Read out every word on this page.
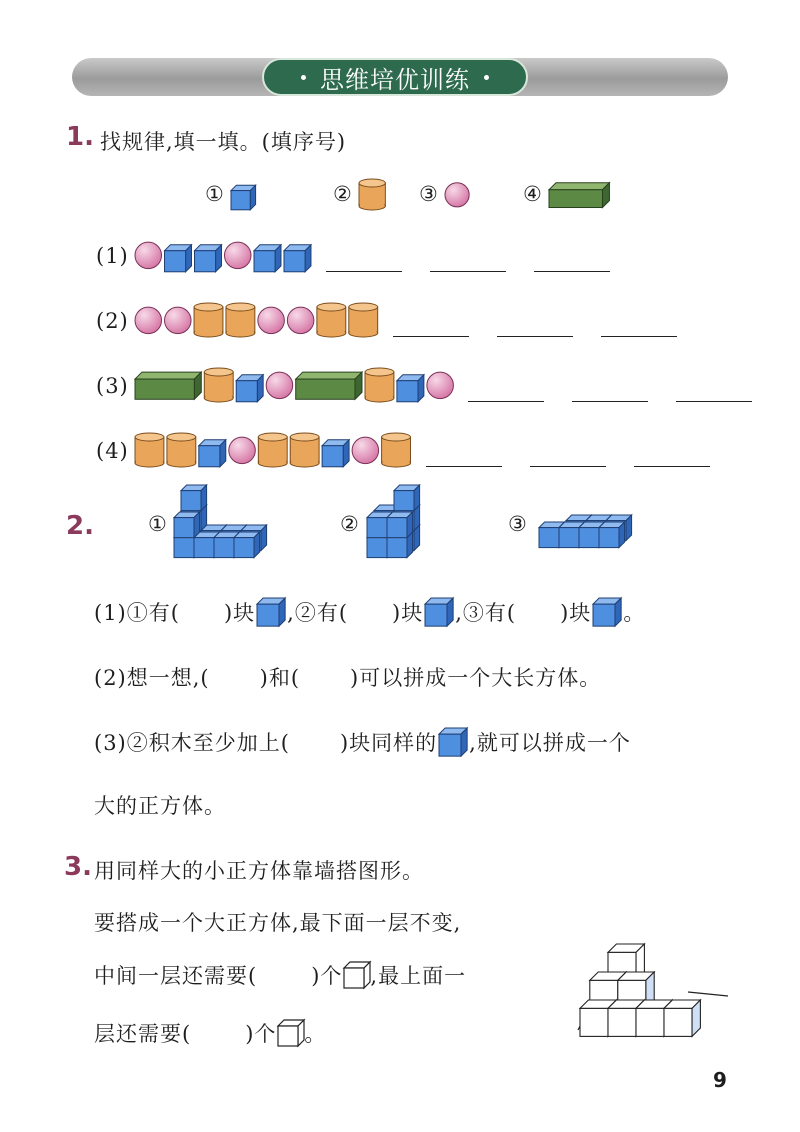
思维培优训练
1. 找规律,填一填。(填序号)
①	②	③	④
(1)
(2)
(3)
(4)
2.	①	②	③
(1)①有( )块 ,②有( )块 ,③有( )块 。
(2)想一想,( )和( )可以拼成一个大长方体。
(3)②积木至少加上( )块同样的 ,就可以拼成一个
大的正方体。
3. 用同样大的小正方体靠墙搭图形。
要搭成一个大正方体,最下面一层不变,
中间一层还需要(	)个 ,最上面一
层还需要(	)个 。
9
